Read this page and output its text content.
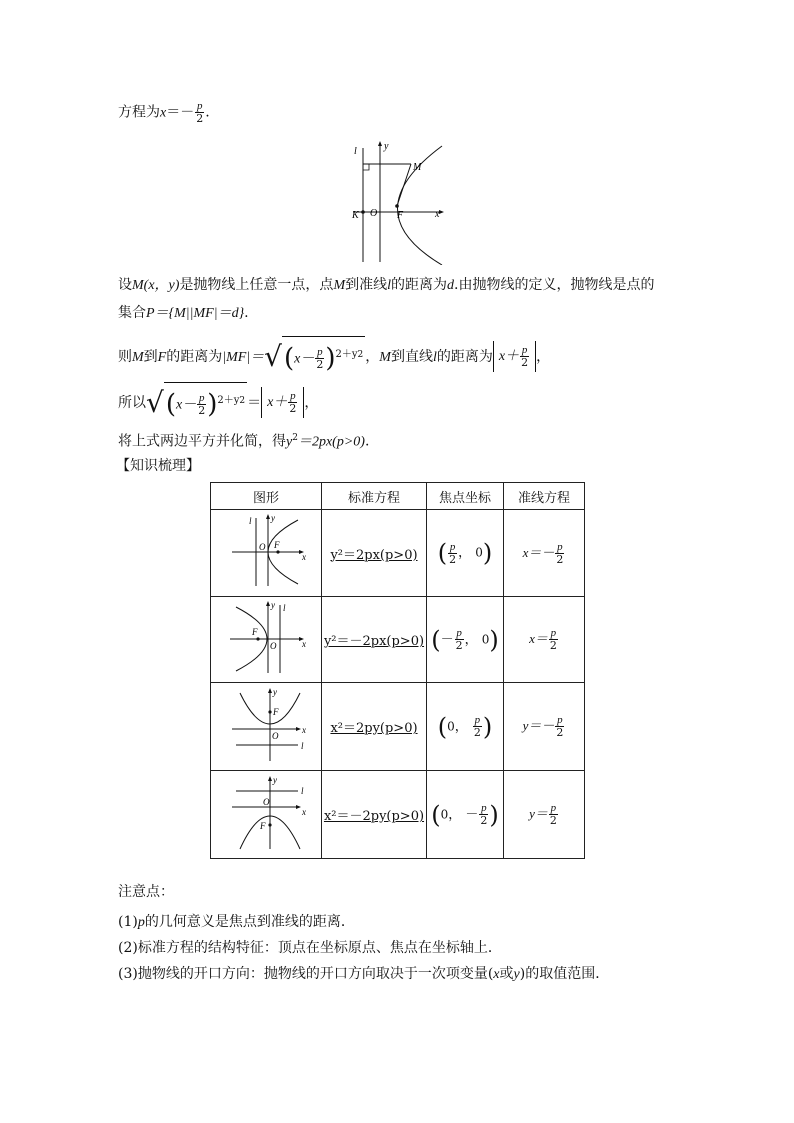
方程为$x=- \frac{p}{2}$ .
l	y
M
K O F	x
设M(x，y)是抛物线上任意一点，点M到准线l的距离为d.由抛物线的定义，抛物线是点的
集合P＝{M||MF|＝d}.
则M到F的距离为$|MF|=√(x- \frac{p}{2} )^{2+y2}$ ，M到直线l的距离为 $x+ \frac{p}{2}$ ，
所以$√(x- \frac{p}{2} )^{2+y2} = x+ \frac{p}{2}$ ，
将上式两边平方并化简，得$y^2=2px(p>0)$.
【知识梳理】
图形	标准方程	焦点坐标	准线方程

l y
O F
x	y²＝2px(p>0)	( $\frac{p}{2}$ ， 0)	$x=- \frac{p}{2}$

l
y
O
F
x	y²＝－2px(p>0)	(－ $\frac{p}{2}$ ， 0)	$x= \frac{p}{2}$

y
F
O
l
x	x²＝2py(p>0)	(0， $\frac{p}{2}$ )	$y=- \frac{p}{2}$

y
l
O
F
x	x²＝－2py(p>0)	(0， － $\frac{p}{2}$ )	$y= \frac{p}{2}$
注意点：
(1)p的几何意义是焦点到准线的距离．
(2)标准方程的结构特征：顶点在坐标原点、焦点在坐标轴上．
(3)抛物线的开口方向：抛物线的开口方向取决于一次项变量(x或y)的取值范围．
